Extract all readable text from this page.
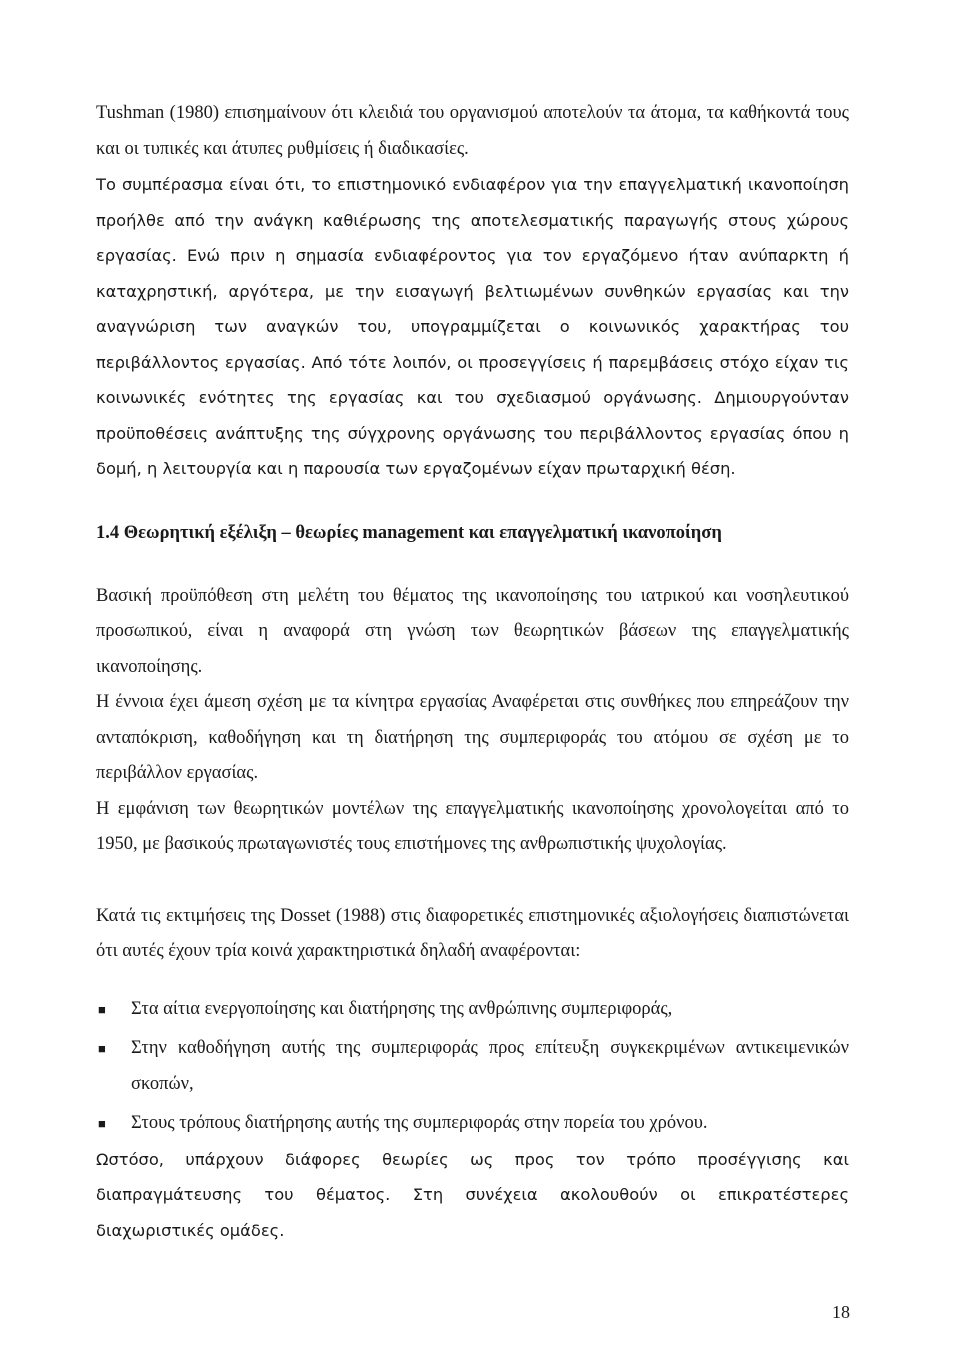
Tushman (1980) επισημαίνουν ότι κλειδιά του οργανισμού αποτελούν τα άτομα, τα καθήκοντά τους και οι τυπικές και άτυπες ρυθμίσεις ή διαδικασίες.

Το συμπέρασμα είναι ότι, το επιστημονικό ενδιαφέρον για την επαγγελματική ικανοποίηση προήλθε από την ανάγκη καθιέρωσης της αποτελεσματικής παραγωγής στους χώρους εργασίας. Ενώ πριν η σημασία ενδιαφέροντος για τον εργαζόμενο ήταν ανύπαρκτη ή καταχρηστική, αργότερα, με την εισαγωγή βελτιωμένων συνθηκών εργασίας και την αναγνώριση των αναγκών του, υπογραμμίζεται ο κοινωνικός χαρακτήρας του περιβάλλοντος εργασίας. Από τότε λοιπόν, οι προσεγγίσεις ή παρεμβάσεις στόχο είχαν τις κοινωνικές ενότητες της εργασίας και του σχεδιασμού οργάνωσης. Δημιουργούνταν προϋποθέσεις ανάπτυξης της σύγχρονης οργάνωσης του περιβάλλοντος εργασίας όπου η δομή, η λειτουργία και η παρουσία των εργαζομένων είχαν πρωταρχική θέση.

1.4 Θεωρητική εξέλιξη – θεωρίες management και επαγγελματική ικανοποίηση

Βασική προϋπόθεση στη μελέτη του θέματος της ικανοποίησης του ιατρικού και νοσηλευτικού προσωπικού, είναι η αναφορά στη γνώση των θεωρητικών βάσεων της επαγγελματικής ικανοποίησης.

Η έννοια έχει άμεση σχέση με τα κίνητρα εργασίας Αναφέρεται στις συνθήκες που επηρεάζουν την ανταπόκριση, καθοδήγηση και τη διατήρηση της συμπεριφοράς του ατόμου σε σχέση με το περιβάλλον εργασίας.

Η εμφάνιση των θεωρητικών μοντέλων της επαγγελματικής ικανοποίησης χρονολογείται από το 1950, με βασικούς πρωταγωνιστές τους επιστήμονες της ανθρωπιστικής ψυχολογίας.

Κατά τις εκτιμήσεις της Dosset (1988) στις διαφορετικές επιστημονικές αξιολογήσεις διαπιστώνεται ότι αυτές έχουν τρία κοινά χαρακτηριστικά δηλαδή αναφέρονται:

■ Στα αίτια ενεργοποίησης και διατήρησης της ανθρώπινης συμπεριφοράς,
■ Στην καθοδήγηση αυτής της συμπεριφοράς προς επίτευξη συγκεκριμένων αντικειμενικών σκοπών,
■ Στους τρόπους διατήρησης αυτής της συμπεριφοράς στην πορεία του χρόνου.

Ωστόσο, υπάρχουν διάφορες θεωρίες ως προς τον τρόπο προσέγγισης και διαπραγμάτευσης του θέματος. Στη συνέχεια ακολουθούν οι επικρατέστερες διαχωριστικές ομάδες.

18
